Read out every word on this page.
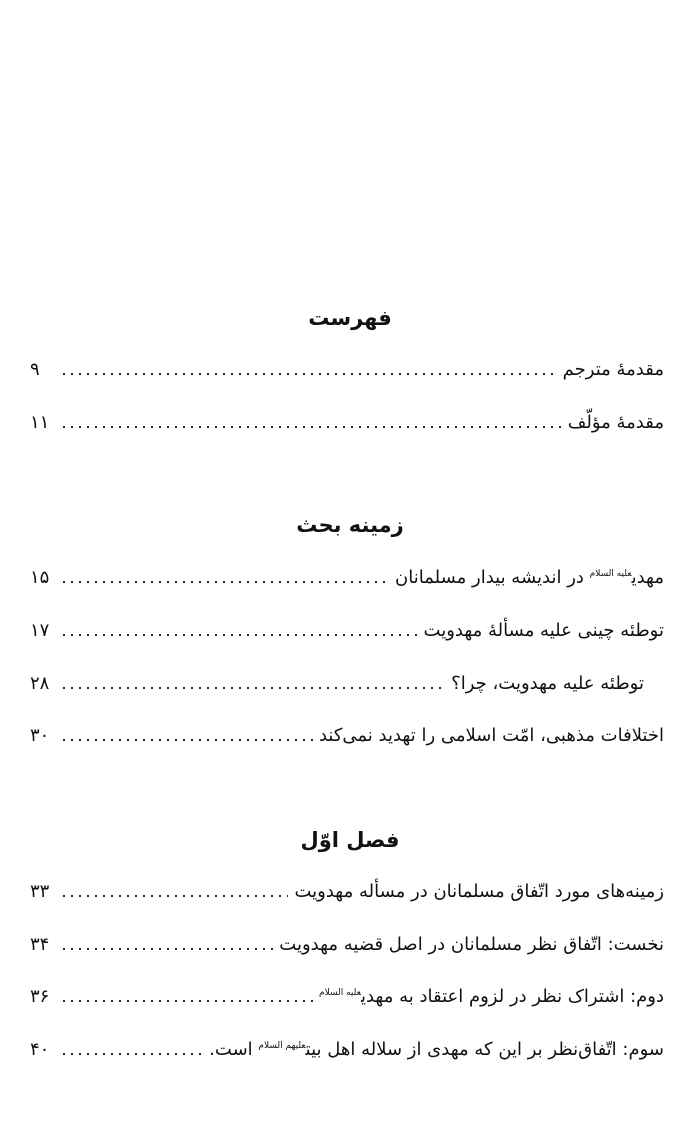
فهرست
مقدمهٔ مترجم
۹
مقدمهٔ مؤلّف
۱۱
زمینه بحث
مهدی$^{عليه السلام}$ در اندیشه بیدار مسلمانان
۱۵
توطئه چینی علیه مسألهٔ مهدویت
۱۷
توطئه علیه مهدویت، چرا؟
۲۸
اختلافات مذهبی، امّت اسلامی را تهدید نمی‌کند
۳۰
فصل اوّل
زمینه‌های مورد اتّفاق مسلمانان در مسأله مهدویت
۳۳
نخست: اتّفاق نظر مسلمانان در اصل قضیه مهدویت
۳۴
دوم: اشتراک نظر در لزوم اعتقاد به مهدی$^{عليه السلام}$
۳۶
سوم: اتّفاق‌نظر بر این که مهدی از سلاله اهل بیت$^{عليهم السلام}$ است.
۴۰
